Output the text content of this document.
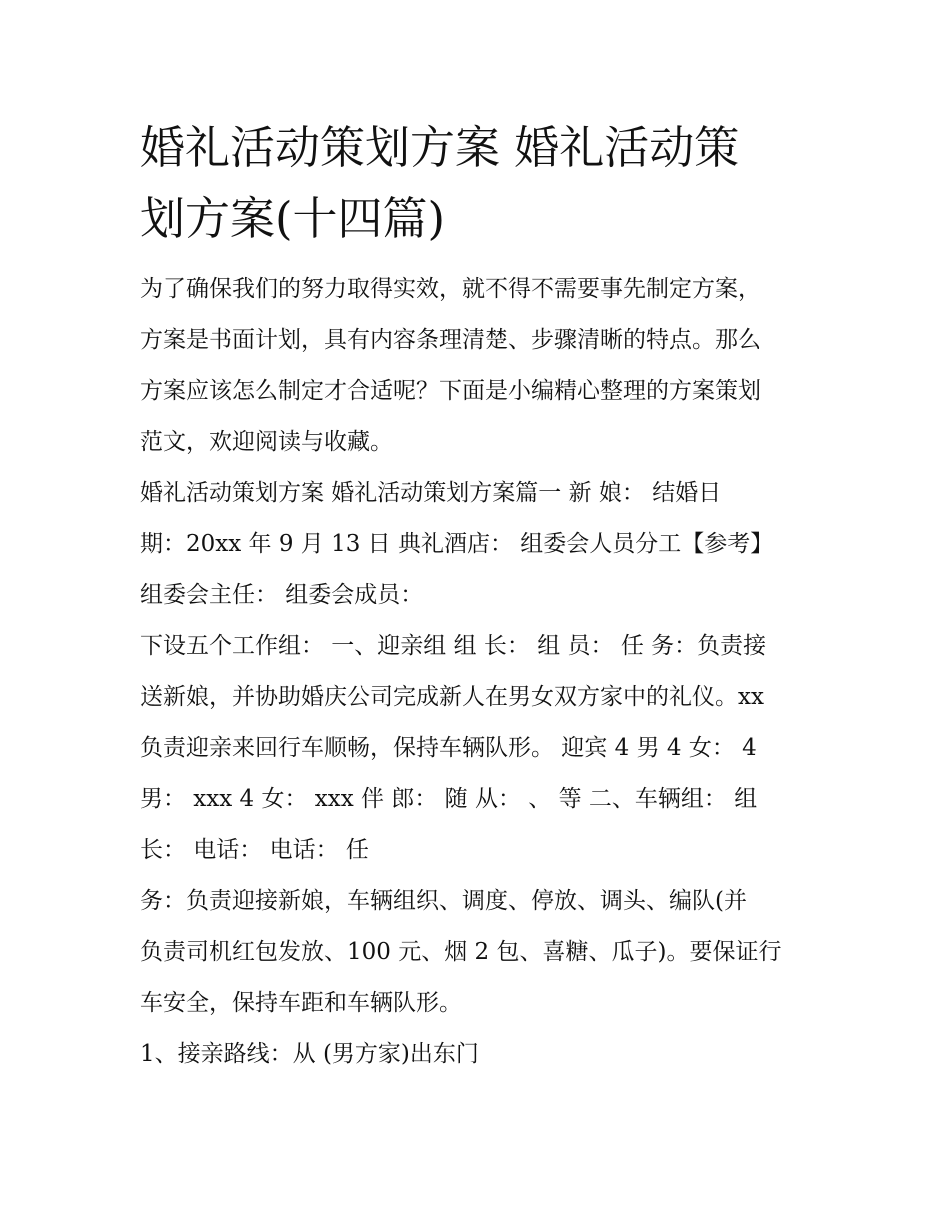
婚礼活动策划方案 婚礼活动策
划方案(十四篇)
为了确保我们的努力取得实效，就不得不需要事先制定方案，
方案是书面计划，具有内容条理清楚、步骤清晰的特点。那么
方案应该怎么制定才合适呢？下面是小编精心整理的方案策划
范文，欢迎阅读与收藏。
婚礼活动策划方案 婚礼活动策划方案篇一 新 娘： 结婚日
期：20xx 年 9 月 13 日 典礼酒店： 组委会人员分工【参考】
组委会主任： 组委会成员：
下设五个工作组： 一、迎亲组 组 长： 组 员： 任 务：负责接
送新娘，并协助婚庆公司完成新人在男女双方家中的礼仪。xx
负责迎亲来回行车顺畅，保持车辆队形。 迎宾 4 男 4 女： 4
男： xxx 4 女： xxx 伴 郎： 随 从： 、 等 二、车辆组： 组
长： 电话： 电话： 任
务：负责迎接新娘，车辆组织、调度、停放、调头、编队(并
负责司机红包发放、100 元、烟 2 包、喜糖、瓜子)。要保证行
车安全，保持车距和车辆队形。
1、接亲路线：从 (男方家)出东门
